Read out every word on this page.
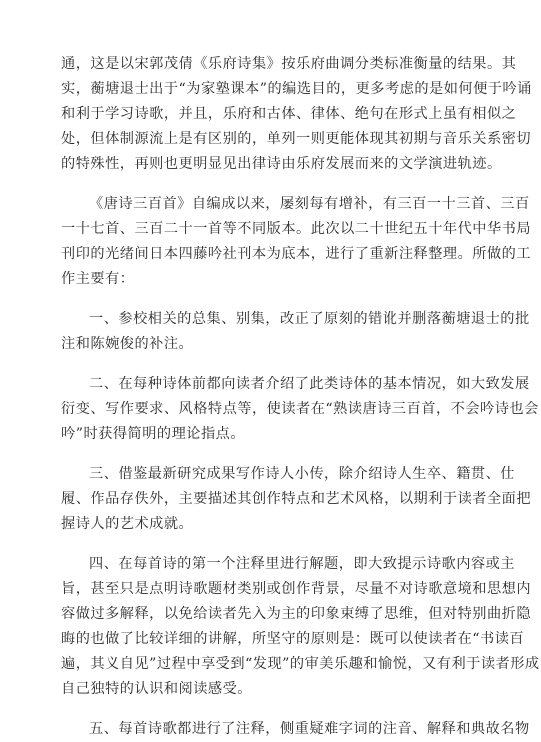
通，这是以宋郭茂倩《乐府诗集》按乐府曲调分类标准衡量的结果。其
实，蘅塘退士出于“为家塾课本”的编选目的，更多考虑的是如何便于吟诵
和利于学习诗歌，并且，乐府和古体、律体、绝句在形式上虽有相似之
处，但体制源流上是有区别的，单列一则更能体现其初期与音乐关系密切
的特殊性，再则也更明显见出律诗由乐府发展而来的文学演进轨迹。

《唐诗三百首》自编成以来，屡刻每有增补，有三百一十三首、三百
一十七首、三百二十一首等不同版本。此次以二十世纪五十年代中华书局
刊印的光绪间日本四藤吟社刊本为底本，进行了重新注释整理。所做的工
作主要有：

一、参校相关的总集、别集，改正了原刻的错讹并删落蘅塘退士的批
注和陈婉俊的补注。

二、在每种诗体前都向读者介绍了此类诗体的基本情况，如大致发展
衍变、写作要求、风格特点等，使读者在“熟读唐诗三百首，不会吟诗也会
吟”时获得简明的理论指点。

三、借鉴最新研究成果写作诗人小传，除介绍诗人生卒、籍贯、仕
履、作品存佚外，主要描述其创作特点和艺术风格，以期利于读者全面把
握诗人的艺术成就。

四、在每首诗的第一个注释里进行解题，即大致提示诗歌内容或主
旨，甚至只是点明诗歌题材类别或创作背景，尽量不对诗歌意境和思想内
容做过多解释，以免给读者先入为主的印象束缚了思维，但对特别曲折隐
晦的也做了比较详细的讲解，所坚守的原则是：既可以使读者在“书读百
遍，其义自见”过程中享受到“发现”的审美乐趣和愉悦，又有利于读者形成
自己独特的认识和阅读感受。

五、每首诗歌都进行了注释，侧重疑难字词的注音、解释和典故名物
